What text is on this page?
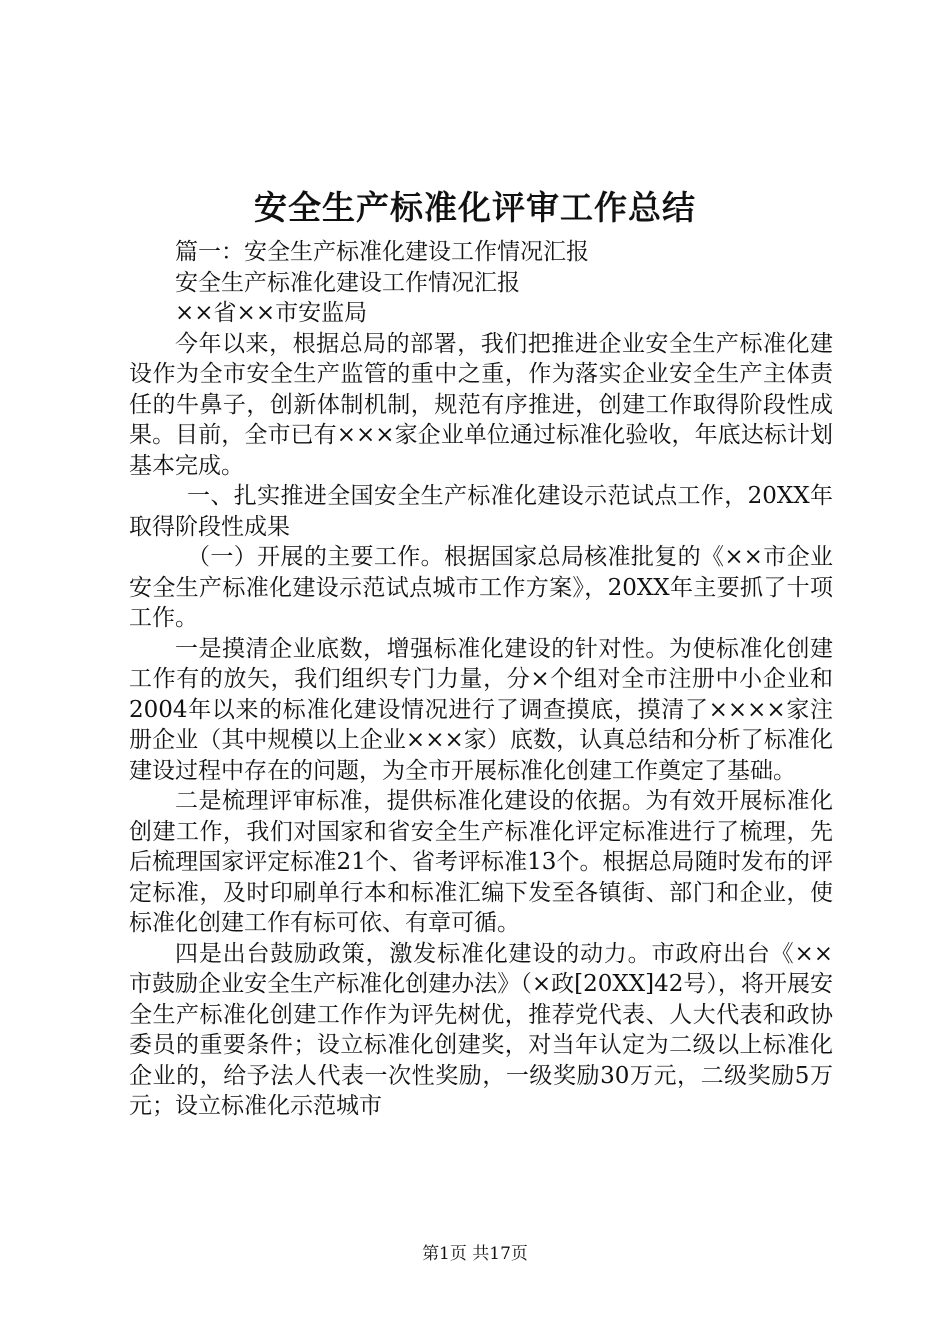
安全生产标准化评审工作总结

篇一：安全生产标准化建设工作情况汇报

安全生产标准化建设工作情况汇报

××省××市安监局

今年以来，根据总局的部署，我们把推进企业安全生产标准化建设作为全市安全生产监管的重中之重，作为落实企业安全生产主体责任的牛鼻子，创新体制机制，规范有序推进，创建工作取得阶段性成果。目前，全市已有×××家企业单位通过标准化验收，年底达标计划基本完成。

一、扎实推进全国安全生产标准化建设示范试点工作，20XX年取得阶段性成果

（一）开展的主要工作。根据国家总局核准批复的《××市企业安全生产标准化建设示范试点城市工作方案》，20XX年主要抓了十项工作。

一是摸清企业底数，增强标准化建设的针对性。为使标准化创建工作有的放矢，我们组织专门力量，分×个组对全市注册中小企业和2004年以来的标准化建设情况进行了调查摸底，摸清了××××家注册企业（其中规模以上企业×××家）底数，认真总结和分析了标准化建设过程中存在的问题，为全市开展标准化创建工作奠定了基础。

二是梳理评审标准，提供标准化建设的依据。为有效开展标准化创建工作，我们对国家和省安全生产标准化评定标准进行了梳理，先后梳理国家评定标准21个、省考评标准13个。根据总局随时发布的评定标准，及时印刷单行本和标准汇编下发至各镇街、部门和企业，使标准化创建工作有标可依、有章可循。

四是出台鼓励政策，激发标准化建设的动力。市政府出台《××市鼓励企业安全生产标准化创建办法》（×政[20XX]42号），将开展安全生产标准化创建工作作为评先树优，推荐党代表、人大代表和政协委员的重要条件；设立标准化创建奖，对当年认定为二级以上标准化企业的，给予法人代表一次性奖励，一级奖励30万元，二级奖励5万元；设立标准化示范城市

第1页 共17页
